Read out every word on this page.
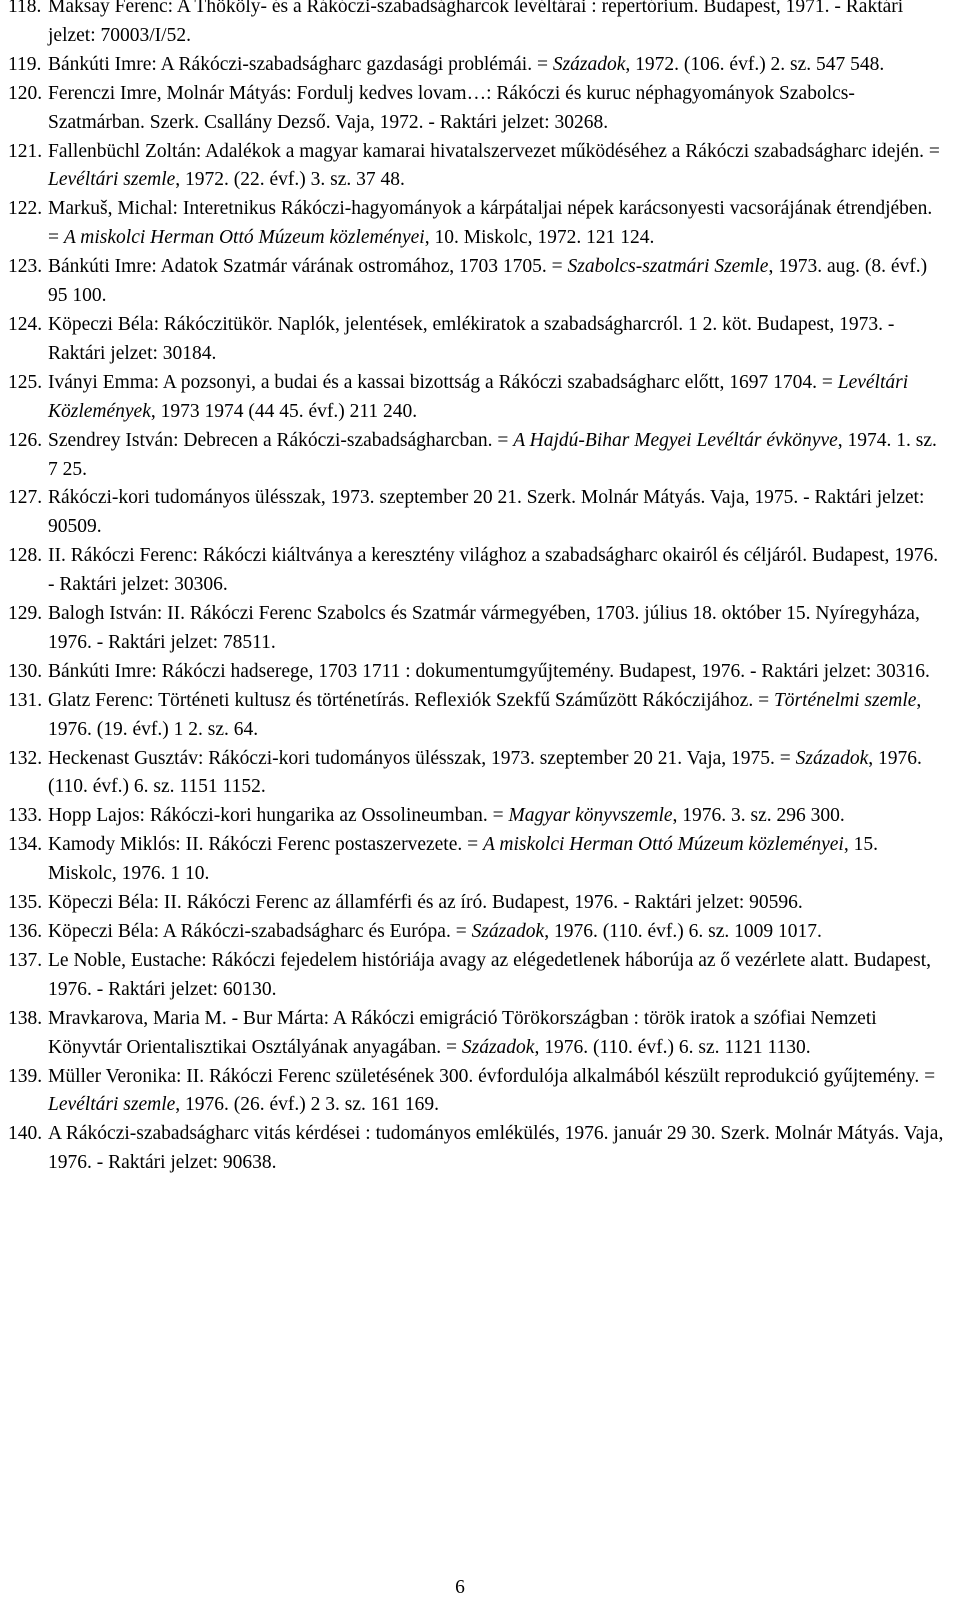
118. Maksay Ferenc: A Thököly- és a Rákóczi-szabadságharcok levéltárai : repertórium. Budapest, 1971. - Raktári jelzet: 70003/I/52.
119. Bánkúti Imre: A Rákóczi-szabadságharc gazdasági problémái. = Századok, 1972. (106. évf.) 2. sz. 547 548.
120. Ferenczi Imre, Molnár Mátyás: Fordulj kedves lovam…: Rákóczi és kuruc néphagyományok Szabolcs-Szatmárban. Szerk. Csallány Dezső. Vaja, 1972. - Raktári jelzet: 30268.
121. Fallenbüchl Zoltán: Adalékok a magyar kamarai hivatalszervezet működéséhez a Rákóczi szabadságharc idején. = Levéltári szemle, 1972. (22. évf.) 3. sz. 37 48.
122. Markuš, Michal: Interetnikus Rákóczi-hagyományok a kárpátaljai népek karácsonyesti vacsorájának étrendjében. = A miskolci Herman Ottó Múzeum közleményei, 10. Miskolc, 1972. 121 124.
123. Bánkúti Imre: Adatok Szatmár várának ostromához, 1703 1705. = Szabolcs-szatmári Szemle, 1973. aug. (8. évf.) 95 100.
124. Köpeczi Béla: Rákóczitükör. Naplók, jelentések, emlékiratok a szabadságharcról. 1 2. köt. Budapest, 1973. - Raktári jelzet: 30184.
125. Iványi Emma: A pozsonyi, a budai és a kassai bizottság a Rákóczi szabadságharc előtt, 1697 1704. = Levéltári Közlemények, 1973 1974 (44 45. évf.) 211 240.
126. Szendrey István: Debrecen a Rákóczi-szabadságharcban. = A Hajdú-Bihar Megyei Levéltár évkönyve, 1974. 1. sz. 7 25.
127. Rákóczi-kori tudományos ülésszak, 1973. szeptember 20 21. Szerk. Molnár Mátyás. Vaja, 1975. - Raktári jelzet: 90509.
128. II. Rákóczi Ferenc: Rákóczi kiáltványa a keresztény világhoz a szabadságharc okairól és céljáról. Budapest, 1976. - Raktári jelzet: 30306.
129. Balogh István: II. Rákóczi Ferenc Szabolcs és Szatmár vármegyében, 1703. július 18. október 15. Nyíregyháza, 1976. - Raktári jelzet: 78511.
130. Bánkúti Imre: Rákóczi hadserege, 1703 1711 : dokumentumgyűjtemény. Budapest, 1976. - Raktári jelzet: 30316.
131. Glatz Ferenc: Történeti kultusz és történetírás. Reflexiók Szekfű Száműzött Rákóczijához. = Történelmi szemle, 1976. (19. évf.) 1 2. sz. 64.
132. Heckenast Gusztáv: Rákóczi-kori tudományos ülésszak, 1973. szeptember 20 21. Vaja, 1975. = Századok, 1976. (110. évf.) 6. sz. 1151 1152.
133. Hopp Lajos: Rákóczi-kori hungarika az Ossolineumban. = Magyar könyvszemle, 1976. 3. sz. 296 300.
134. Kamody Miklós: II. Rákóczi Ferenc postaszervezete. = A miskolci Herman Ottó Múzeum közleményei, 15. Miskolc, 1976. 1 10.
135. Köpeczi Béla: II. Rákóczi Ferenc az államférfi és az író. Budapest, 1976. - Raktári jelzet: 90596.
136. Köpeczi Béla: A Rákóczi-szabadságharc és Európa. = Századok, 1976. (110. évf.) 6. sz. 1009 1017.
137. Le Noble, Eustache: Rákóczi fejedelem históriája avagy az elégedetlenek háborúja az ő vezérlete alatt. Budapest, 1976. - Raktári jelzet: 60130.
138. Mravkarova, Maria M. - Bur Márta: A Rákóczi emigráció Törökországban : török iratok a szófiai Nemzeti Könyvtár Orientalisztikai Osztályának anyagában. = Századok, 1976. (110. évf.) 6. sz. 1121 1130.
139. Müller Veronika: II. Rákóczi Ferenc születésének 300. évfordulója alkalmából készült reprodukció gyűjtemény. = Levéltári szemle, 1976. (26. évf.) 2 3. sz. 161 169.
140. A Rákóczi-szabadságharc vitás kérdései : tudományos emlékülés, 1976. január 29 30. Szerk. Molnár Mátyás. Vaja, 1976. - Raktári jelzet: 90638.
6
